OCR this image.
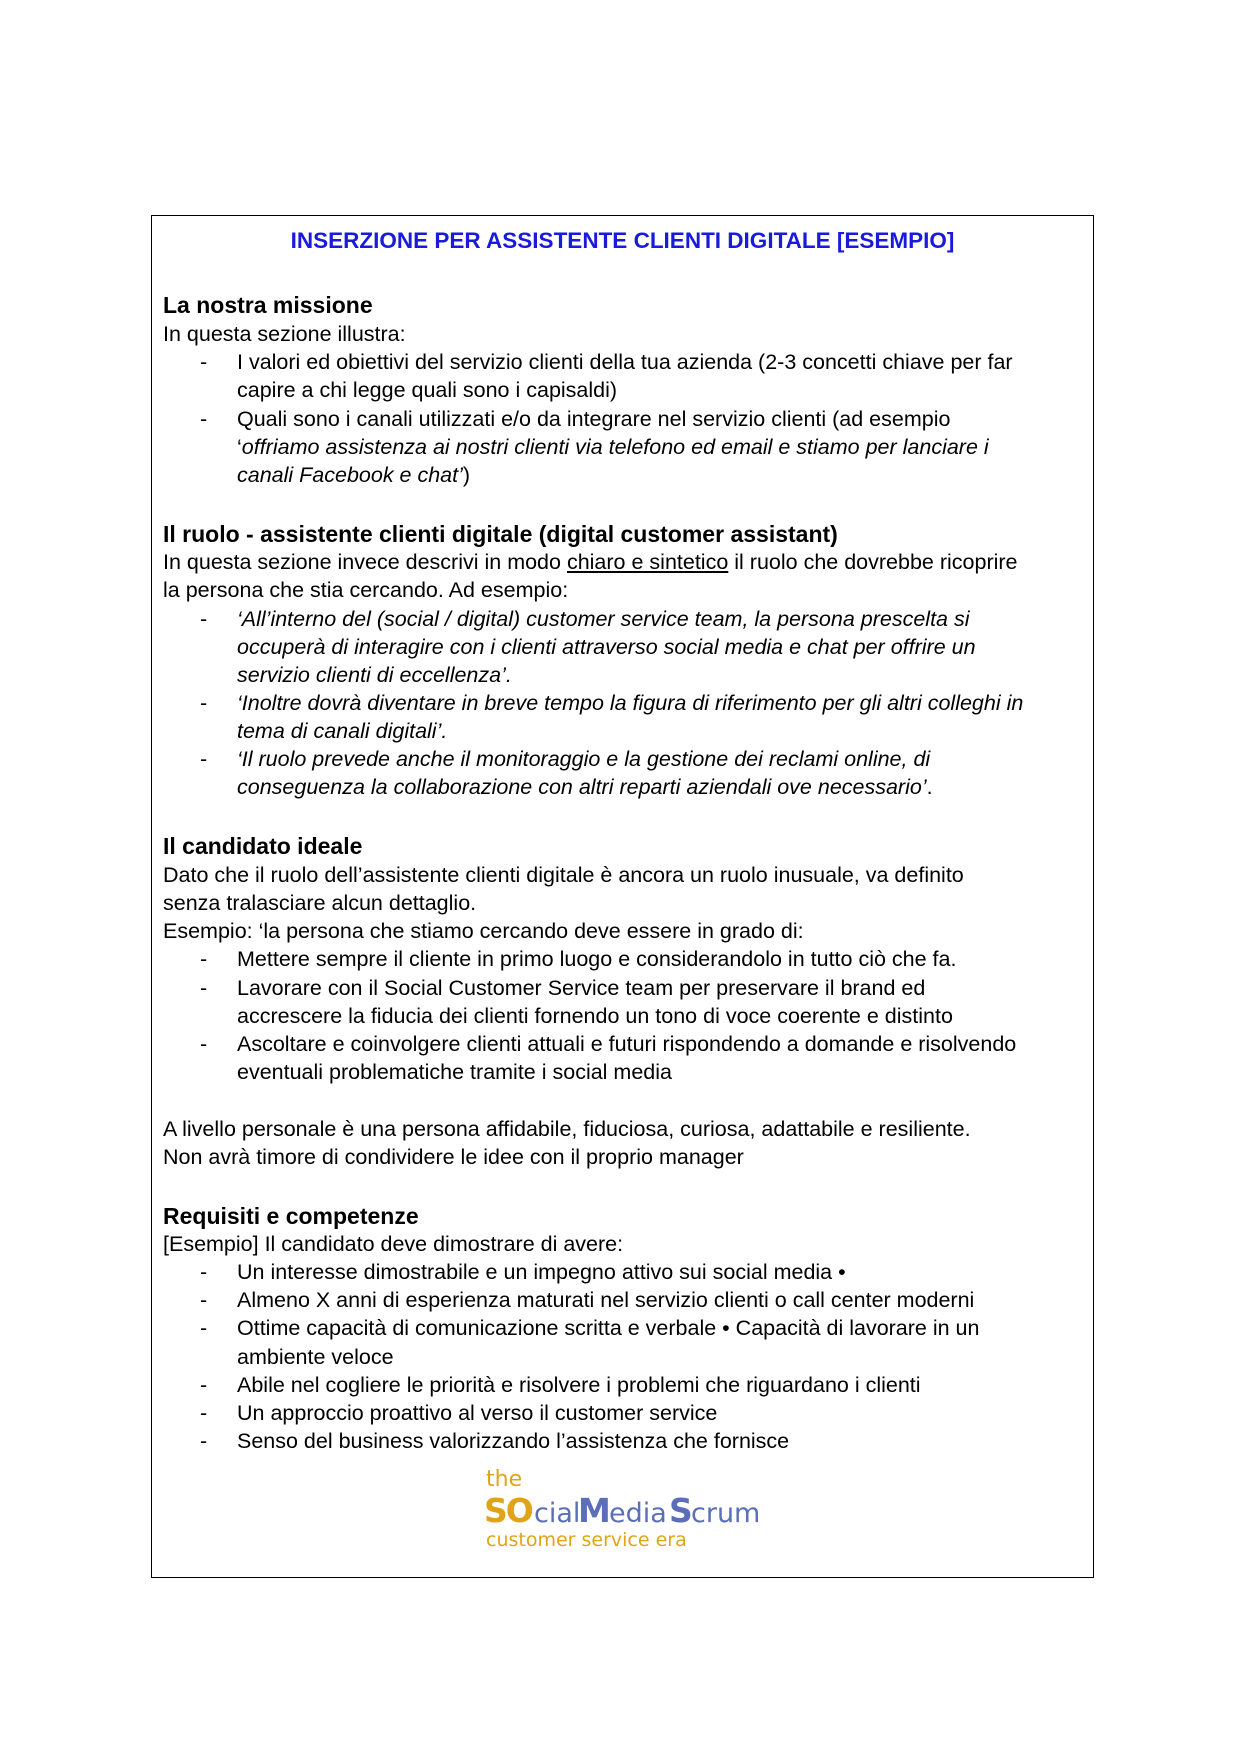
INSERZIONE PER ASSISTENTE CLIENTI DIGITALE [ESEMPIO]
La nostra missione
In questa sezione illustra:
- I valori ed obiettivi del servizio clienti della tua azienda (2-3 concetti chiave per far
capire a chi legge quali sono i capisaldi)
- Quali sono i canali utilizzati e/o da integrare nel servizio clienti (ad esempio
‘offriamo assistenza ai nostri clienti via telefono ed email e stiamo per lanciare i
canali Facebook e chat’)
Il ruolo - assistente clienti digitale (digital customer assistant)
In questa sezione invece descrivi in modo chiaro e sintetico il ruolo che dovrebbe ricoprire
la persona che stia cercando. Ad esempio:
- ‘All’interno del (social / digital) customer service team, la persona prescelta si
occuperà di interagire con i clienti attraverso social media e chat per offrire un
servizio clienti di eccellenza’.
- ‘Inoltre dovrà diventare in breve tempo la figura di riferimento per gli altri colleghi in
tema di canali digitali’.
- ‘Il ruolo prevede anche il monitoraggio e la gestione dei reclami online, di
conseguenza la collaborazione con altri reparti aziendali ove necessario’.
Il candidato ideale
Dato che il ruolo dell’assistente clienti digitale è ancora un ruolo inusuale, va definito
senza tralasciare alcun dettaglio.
Esempio: ‘la persona che stiamo cercando deve essere in grado di:
- Mettere sempre il cliente in primo luogo e considerandolo in tutto ciò che fa.
- Lavorare con il Social Customer Service team per preservare il brand ed
accrescere la fiducia dei clienti fornendo un tono di voce coerente e distinto
- Ascoltare e coinvolgere clienti attuali e futuri rispondendo a domande e risolvendo
eventuali problematiche tramite i social media
A livello personale è una persona affidabile, fiduciosa, curiosa, adattabile e resiliente.
Non avrà timore di condividere le idee con il proprio manager
Requisiti e competenze
[Esempio] Il candidato deve dimostrare di avere:
- Un interesse dimostrabile e un impegno attivo sui social media •
- Almeno X anni di esperienza maturati nel servizio clienti o call center moderni
- Ottime capacità di comunicazione scritta e verbale • Capacità di lavorare in un
ambiente veloce
- Abile nel cogliere le priorità e risolvere i problemi che riguardano i clienti
- Un approccio proattivo al verso il customer service
- Senso del business valorizzando l’assistenza che fornisce
the
SO cial
M
edia S
crum
customer service era
